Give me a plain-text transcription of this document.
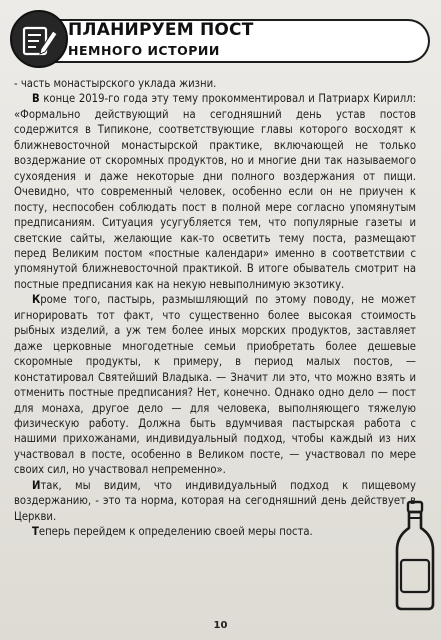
ПЛАНИРУЕМ ПОСТ
НЕМНОГО ИСТОРИИ

- часть монастырского уклада жизни.

В конце 2019-го года эту тему прокомментировал и Патриарх Кирилл: «Формально действующий на сегодняшний день устав постов содержится в Типиконе, соответствующие главы которого восходят к ближневосточной монастырской практике, включающей не только воздержание от скоромных продуктов, но и многие дни так называемого сухоядения и даже некоторые дни полного воздержания от пищи. Очевидно, что современный человек, особенно если он не приучен к посту, неспособен соблюдать пост в полной мере согласно упомянутым предписаниям. Ситуация усугубляется тем, что популярные газеты и светские сайты, желающие как-то осветить тему поста, размещают перед Великим постом «постные календари» именно в соответствии с упомянутой ближневосточной практикой. В итоге обыватель смотрит на постные предписания как на некую невыполнимую экзотику.

Кроме того, пастырь, размышляющий по этому поводу, не может игнорировать тот факт, что существенно более высокая стоимость рыбных изделий, а уж тем более иных морских продуктов, заставляет даже церковные многодетные семьи приобретать более дешевые скоромные продукты, к примеру, в период малых постов, — констатировал Святейший Владыка. — Значит ли это, что можно взять и отменить постные предписания? Нет, конечно. Однако одно дело — пост для монаха, другое дело — для человека, выполняющего тяжелую физическую работу. Должна быть вдумчивая пастырская работа с нашими прихожанами, индивидуальный подход, чтобы каждый из них участвовал в посте, особенно в Великом посте, — участвовал по мере своих сил, но участвовал непременно».

Итак, мы видим, что индивидуальный подход к пищевому воздержанию, - это та норма, которая на сегодняшний день действует в Церкви.

Теперь перейдем к определению своей меры поста.

10
